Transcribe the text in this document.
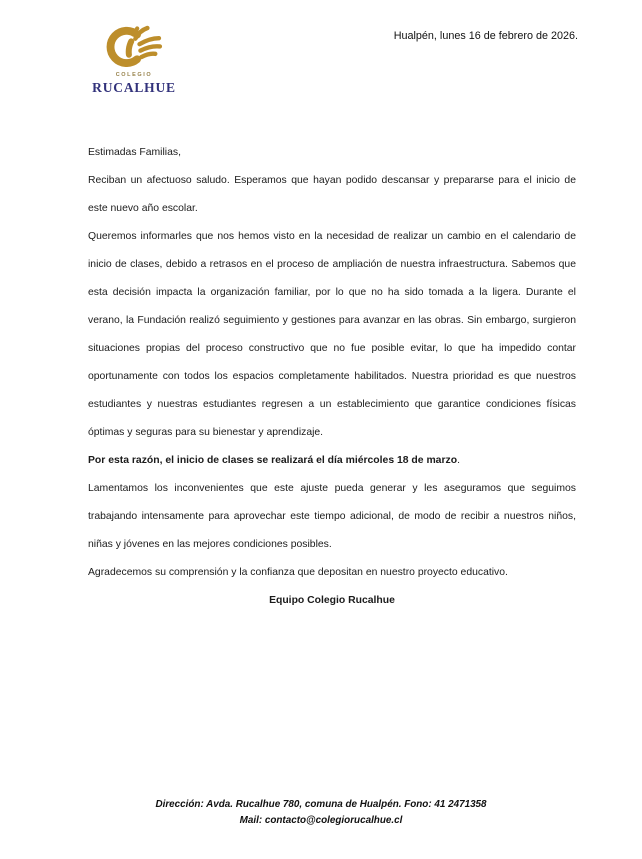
COLEGIO
RUCALHUE
Hualpén, lunes 16 de febrero de 2026.

Estimadas Familias,

Reciban un afectuoso saludo. Esperamos que hayan podido descansar y prepararse para el inicio de este nuevo año escolar.

Queremos informarles que nos hemos visto en la necesidad de realizar un cambio en el calendario de inicio de clases, debido a retrasos en el proceso de ampliación de nuestra infraestructura. Sabemos que esta decisión impacta la organización familiar, por lo que no ha sido tomada a la ligera. Durante el verano, la Fundación realizó seguimiento y gestiones para avanzar en las obras. Sin embargo, surgieron situaciones propias del proceso constructivo que no fue posible evitar, lo que ha impedido contar oportunamente con todos los espacios completamente habilitados. Nuestra prioridad es que nuestros estudiantes y nuestras estudiantes regresen a un establecimiento que garantice condiciones físicas óptimas y seguras para su bienestar y aprendizaje.

Por esta razón, el inicio de clases se realizará el día miércoles 18 de marzo.

Lamentamos los inconvenientes que este ajuste pueda generar y les aseguramos que seguimos trabajando intensamente para aprovechar este tiempo adicional, de modo de recibir a nuestros niños, niñas y jóvenes en las mejores condiciones posibles.

Agradecemos su comprensión y la confianza que depositan en nuestro proyecto educativo.

Equipo Colegio Rucalhue

Dirección: Avda. Rucalhue 780, comuna de Hualpén. Fono: 41 2471358

Mail: contacto@colegiorucalhue.cl
